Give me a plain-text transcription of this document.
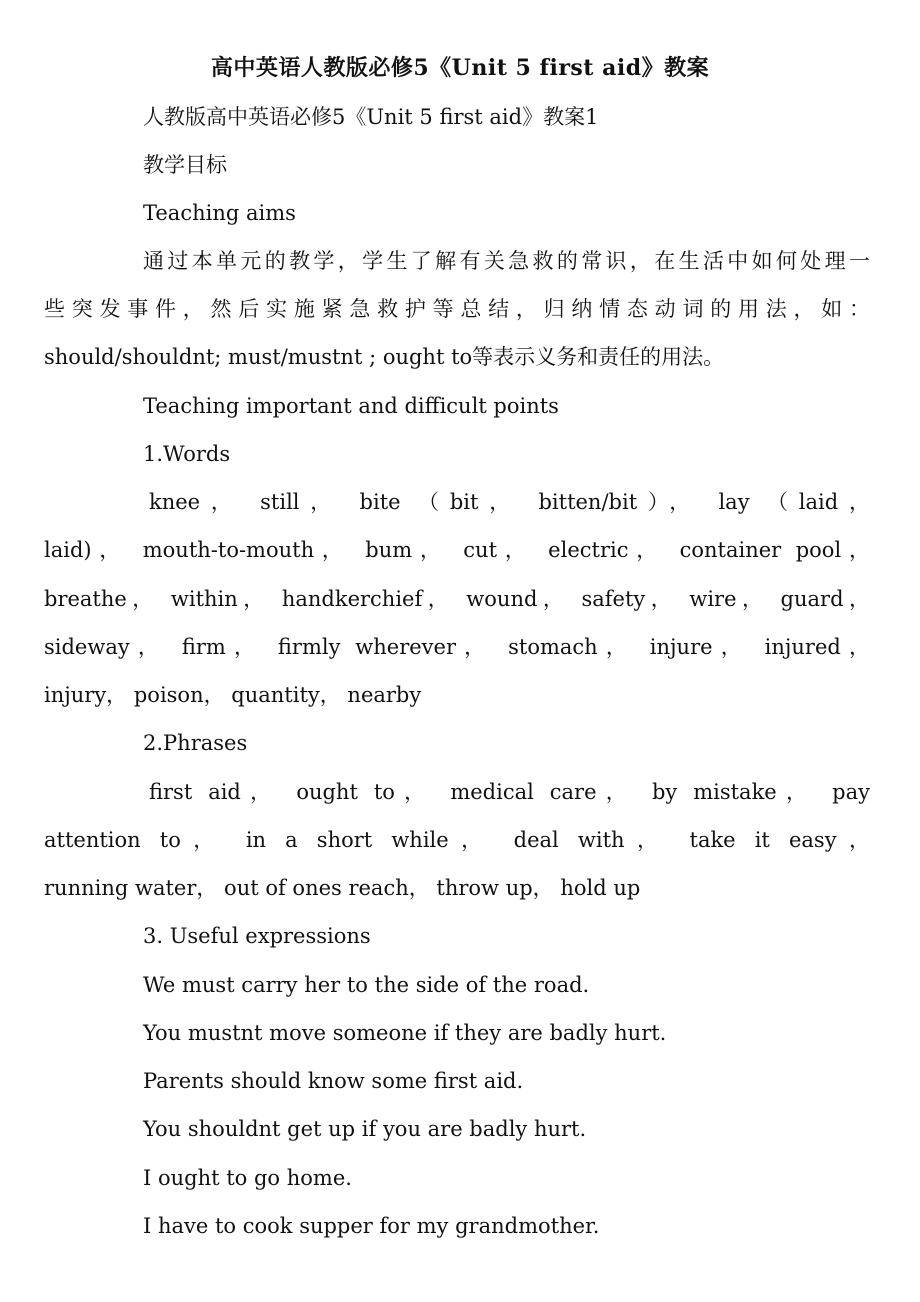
高中英语人教版必修5《Unit 5 first aid》教案
人教版高中英语必修5《Unit 5 first aid》教案1
教学目标
Teaching aims
通过本单元的教学，学生了解有关急救的常识，在生活中如何处理一
些突发事件，然后实施紧急救护等总结，归纳情态动词的用法，如：
should/shouldnt; must/mustnt ; ought to等表示义务和责任的用法。
Teaching important and difficult points
1.Words
knee， still， bite （bit， bitten/bit）， lay （laid，
laid)， mouth-to-mouth， bum， cut， electric， container pool，
breathe， within， handkerchief， wound， safety， wire， guard，
sideway， firm， firmly wherever， stomach， injure， injured，
injury， poison， quantity， nearby
2.Phrases
first aid， ought to， medical care， by mistake， pay
attention to， in a short while， deal with， take it easy，
running water， out of ones reach， throw up， hold up
3. Useful expressions
We must carry her to the side of the road.
You mustnt move someone if they are badly hurt.
Parents should know some first aid.
You shouldnt get up if you are badly hurt.
I ought to go home.
I have to cook supper for my grandmother.
